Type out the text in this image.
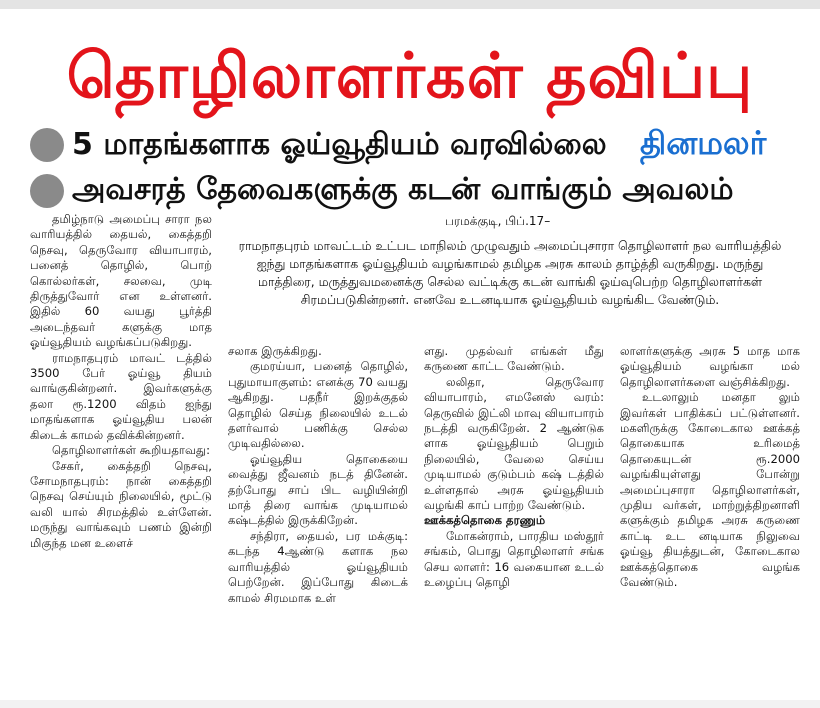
தொழிலாளர்கள் தவிப்பு
5 மாதங்களாக ஓய்வூதியம் வரவில்லை தினமலர்
அவசரத் தேவைகளுக்கு கடன் வாங்கும் அவலம்
பரமக்குடி, பிப்.17–
ராமநாதபுரம் மாவட்டம் உட்பட மாநிலம் முழுவதும் அமைப்புசாரா தொழிலாளர் நல வாரியத்தில் ஐந்து மாதங்களாக ஓய்வூதியம் வழங்காமல் தமிழக அரசு காலம் தாழ்த்தி வருகிறது. மருந்து மாத்திரை, மருத்துவமனைக்கு செல்ல வட்டிக்கு கடன் வாங்கி ஓய்வுபெற்ற தொழிலாளர்கள் சிரமப்படுகின்றனர். எனவே உடனடியாக ஓய்வூதியம் வழங்கிட வேண்டும்.

தமிழ்நாடு அமைப்பு சாரா நல வாரியத்தில் தையல், கைத்தறி நெசவு, தெருவோர வியாபாரம், பனைத் தொழில், பொற் கொல்லர்கள், சலவை, முடி திருத்துவோர் என உள்ளனர். இதில் 60 வயது பூர்த்தி அடைந்தவர் களுக்கு மாத ஓய்வூதியம் வழங்கப்படுகிறது.

ராமநாதபுரம் மாவட் டத்தில் 3500 பேர் ஓய்வூ தியம் வாங்குகின்றனர். இவர்களுக்கு தலா ரூ.1200 விதம் ஐந்து மாதங்களாக ஓய்வூதிய பலன் கிடைக் காமல் தவிக்கின்றனர்.

தொழிலாளர்கள் கூறியதாவது:

சேகர், கைத்தறி நெசவு, சோமநாதபுரம்: நான் கைத்தறி நெசவு செய்யும் நிலையில், மூட்டு வலி யால் சிரமத்தில் உள்ளேன். மருந்து வாங்கவும் பணம் இன்றி மிகுந்த மன உளைச்

சலாக இருக்கிறது.

குமரய்யா, பனைத் தொழில், புதுமாயாகுளம்: எனக்கு 70 வயது ஆகிறது. பதநீர் இறக்குதல் தொழில் செய்த நிலையில் உடல் தளர்வால் பணிக்கு செல்ல முடிவதில்லை.

ஓய்வூதிய தொகையை வைத்து ஜீவனம் நடத் தினேன். தற்போது சாப் பிட வழியின்றி மாத் திரை வாங்க முடியாமல் கஷ்டத்தில் இருக்கிறேன்.

சந்திரா, தையல், பர மக்குடி: கடந்த 4ஆண்டு களாக நல வாரியத்தில் ஓய்வூதியம் பெற்றேன். இப்போது கிடைக் காமல் சிரமமாக உள்

ளது. முதல்வர் எங்கள் மீது கருணை காட்ட வேண்டும்.

லலிதா, தெருவோர வியாபாரம், எமனேஸ் வரம்: தெருவில் இட்லி மாவு வியாபாரம் நடத்தி வருகிறேன். 2 ஆண்டுக ளாக ஓய்வூதியம் பெறும் நிலையில், வேலை செய்ய முடியாமல் குடும்பம் கஷ் டத்தில் உள்ளதால் அரசு ஓய்வூதியம் வழங்கி காப் பாற்ற வேண்டும்.

ஊக்கத்தொகை தரணும்

மோகன்ராம், பாரதிய மஸ்தூர் சங்கம், பொது தொழிலாளர் சங்க செய லாளர்: 16 வகையான உடல் உழைப்பு தொழி

லாளர்களுக்கு அரசு 5 மாத மாக ஓய்வூதியம் வழங்கா மல் தொழிலாளர்களை வஞ்சிக்கிறது.

உடலாலும் மனதா லும் இவர்கள் பாதிக்கப் பட்டுள்ளனர். மகளிருக்கு கோடைகால ஊக்கத் தொகையாக உரிமைத் தொகையுடன் ரூ.2000 வழங்கியுள்ளது போன்று அமைப்புசாரா தொழிலாளர்கள், முதிய வர்கள், மாற்றுத்திறனாளி களுக்கும் தமிழக அரசு கருணை காட்டி உட னடியாக நிலுவை ஓய்வூ தியத்துடன், கோடைகால ஊக்கத்தொகை வழங்க வேண்டும்.
